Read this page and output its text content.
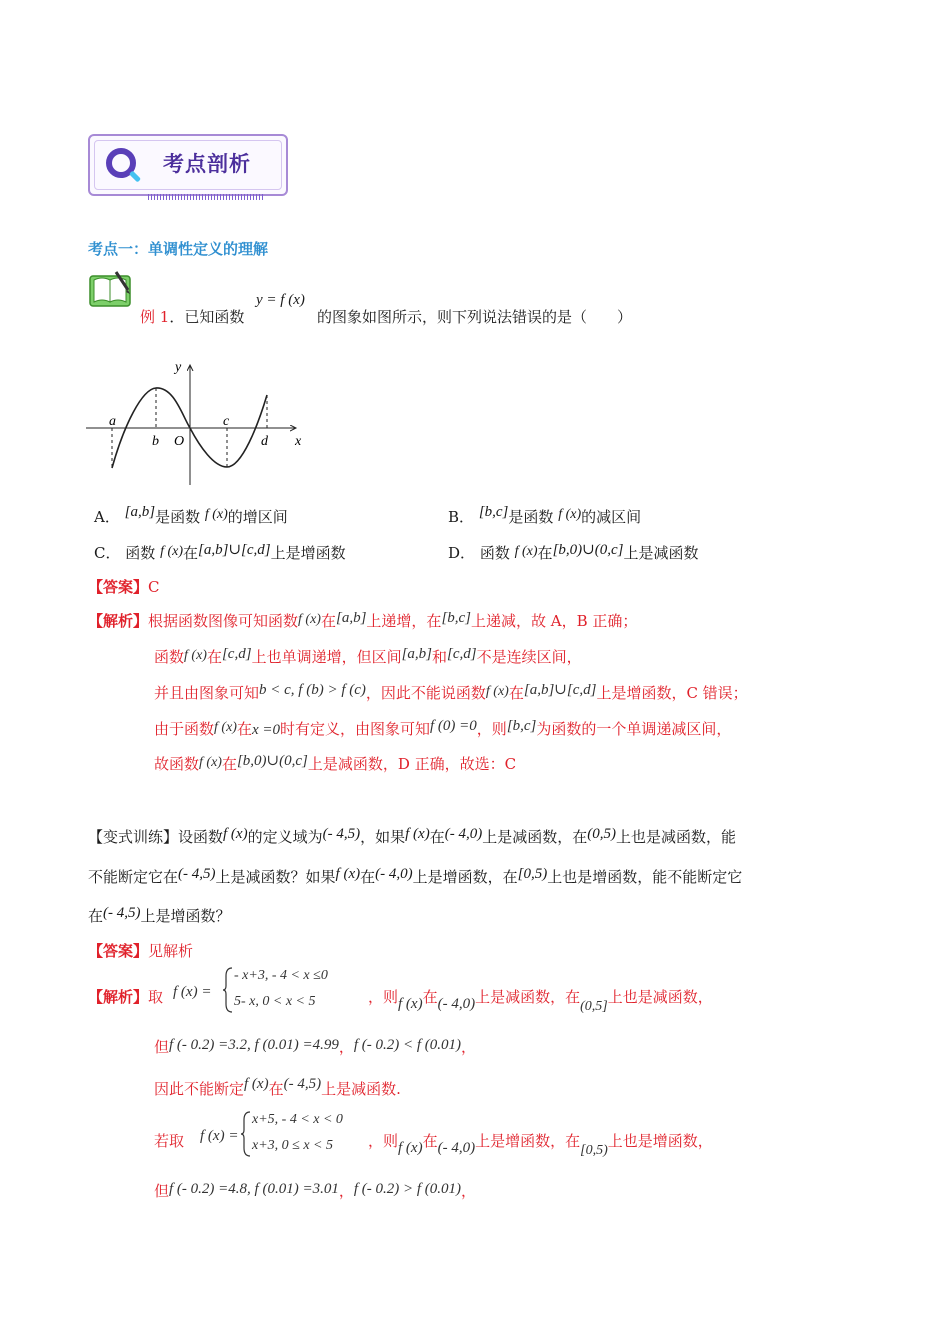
考点剖析
考点一：单调性定义的理解
例 1．已知函数
y = f (x)
的图象如图所示，则下列说法错误的是（　　）
y
x
O
a
b
c
d
A． [a,b]是函数 f (x)的增区间	B． [b,c]是函数 f (x)的减区间
C． 函数 f (x)在[a,b]∪[c,d]上是增函数	D． 函数 f (x)在[b,0)∪(0,c]上是减函数
【答案】C
【解析】根据函数图像可知函数f (x)在[a,b]上递增，在[b,c]上递减，故 A，B 正确；
函数f (x)在[c,d]上也单调递增，但区间[a,b]和[c,d]不是连续区间，
并且由图象可知b < c, f (b) > f (c)，因此不能说函数f (x)在[a,b]∪[c,d]上是增函数，C 错误；
由于函数f (x)在x =0时有定义，由图象可知f (0) =0，则[b,c]为函数的一个单调递减区间，
故函数f (x)在[b,0)∪(0,c]上是减函数，D 正确，故选：C
【变式训练】设函数f (x)的定义域为(- 4,5)，如果f (x)在(- 4,0)上是减函数，在(0,5)上也是减函数，能
不能断定它在(- 4,5)上是减函数？如果f (x)在(- 4,0)上是增函数，在[0,5)上也是增函数，能不能断定它
在(- 4,5)上是增函数？
【答案】见解析
【解析】取 f (x) =
- x+3, - 4 < x ≤0
5- x, 0 < x < 5	，则f (x)在(- 4,0)上是减函数，在(0,5]上也是减函数，
但f (- 0.2) =3.2, f (0.01) =4.99，f (- 0.2) < f (0.01)，
因此不能断定f (x)在(- 4,5)上是减函数.
若取 f (x) =
x+5, - 4 < x < 0
x+3, 0 ≤ x < 5 ，则f (x)在(- 4,0)上是增函数，在[0,5)上也是增函数，
但f (- 0.2) =4.8, f (0.01) =3.01，f (- 0.2) > f (0.01)，
